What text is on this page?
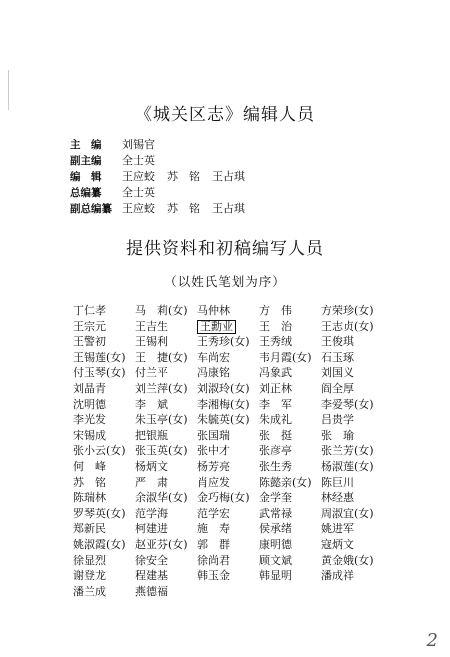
《城关区志》编辑人员
主　编	刘锡官
副主编	全士英
编　辑	王应蛟 苏　铭 王占琪
总编纂	全士英
副总编纂 王应蛟 苏　铭 王占琪
提供资料和初稿编写人员
（以姓氏笔划为序）
丁仁孝	马　莉(女) 马仲林	方　伟	方荣珍(女)
王宗元	王吉生	王勳业	王　治	王志贞(女)
王警初	王锡利	王秀珍(女) 王秀绒	王俊琪
王锡莲(女) 王　捷(女) 车尚宏	韦月霞(女) 石玉琢
付玉琴(女) 付兰平	冯康铭	冯象武	刘国义
刘晶青	刘兰萍(女) 刘淑玲(女) 刘正林	阎全厚
沈明德	李　斌	李湘梅(女) 李　军	李爱琴(女)
李光发	朱玉亭(女) 朱毓英(女) 朱成礼	吕贵学
宋锡成	把银瓶	张国瑞	张　挺	张　瑜
张小云(女) 张玉英(女) 张中才	张彦亭	张兰芳(女)
何　峰	杨炳文	杨芳亮	张生秀	杨淑莲(女)
苏　铭	严　肃	肖应发	陈懿亲(女) 陈巨川
陈瑞林	余淑华(女) 金巧梅(女) 金学奎	林经惠
罗琴英(女) 范学海	范学宏	武常禄	周淑宜(女)
郑新民	柯建进	施　寿	侯承绪	姚进军
姚淑霞(女) 赵亚芬(女) 郭　群	康明德	寇炳文
徐显烈	徐安全	徐尚君	顾文斌	黄金娥(女)
谢登龙	程建基	韩玉金	韩显明	潘成祥
潘兰成	燕德福
2
